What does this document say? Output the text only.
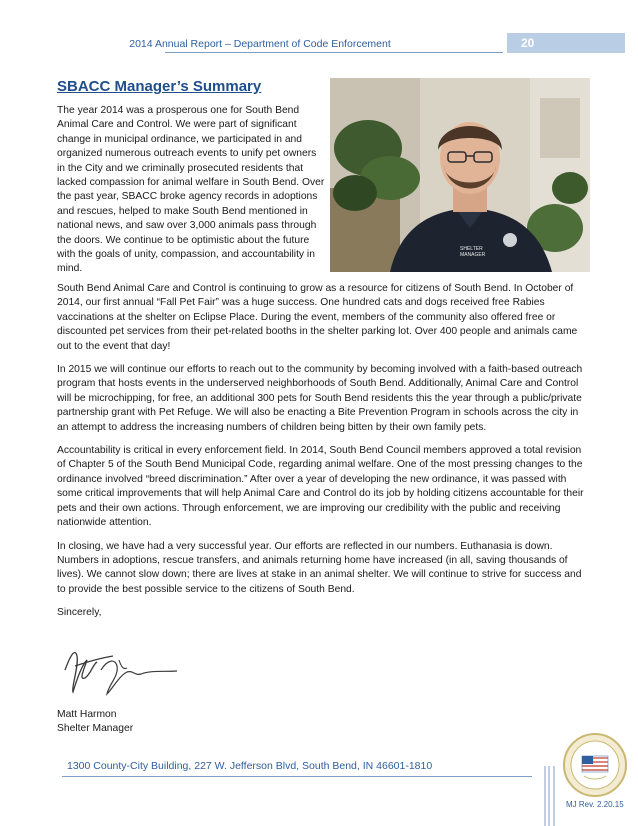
2014 Annual Report – Department of Code Enforcement	20
SBACC Manager’s Summary
The year 2014 was a prosperous one for South Bend Animal Care and Control. We were part of significant change in municipal ordinance, we participated in and organized numerous outreach events to unify pet owners in the City and we criminally prosecuted residents that lacked compassion for animal welfare in South Bend. Over the past year, SBACC broke agency records in adoptions and rescues, helped to make South Bend mentioned in national news, and saw over 3,000 animals pass through the doors. We continue to be optimistic about the future with the goals of unity, compassion, and accountability in mind.
SHELTER
MANAGER

South Bend Animal Care and Control is continuing to grow as a resource for citizens of South Bend. In October of 2014, our first annual “Fall Pet Fair” was a huge success. One hundred cats and dogs received free Rabies vaccinations at the shelter on Eclipse Place. During the event, members of the community also offered free or discounted pet services from their pet-related booths in the shelter parking lot. Over 400 people and animals came out to the event that day!

In 2015 we will continue our efforts to reach out to the community by becoming involved with a faith-based outreach program that hosts events in the underserved neighborhoods of South Bend. Additionally, Animal Care and Control will be microchipping, for free, an additional 300 pets for South Bend residents this the year through a public/private partnership grant with Pet Refuge. We will also be enacting a Bite Prevention Program in schools across the city in an attempt to address the increasing numbers of children being bitten by their own family pets.

Accountability is critical in every enforcement field. In 2014, South Bend Council members approved a total revision of Chapter 5 of the South Bend Municipal Code, regarding animal welfare. One of the most pressing changes to the ordinance involved “breed discrimination.” After over a year of developing the new ordinance, it was passed with some critical improvements that will help Animal Care and Control do its job by holding citizens accountable for their pets and their own actions. Through enforcement, we are improving our credibility with the public and receiving nationwide attention.

In closing, we have had a very successful year. Our efforts are reflected in our numbers. Euthanasia is down. Numbers in adoptions, rescue transfers, and animals returning home have increased (in all, saving thousands of lives). We cannot slow down; there are lives at stake in an animal shelter. We will continue to strive for success and to provide the best possible service to the citizens of South Bend.

Sincerely,

Matt Harmon
Shelter Manager
1300 County-City Building, 227 W. Jefferson Blvd, South Bend, IN 46601-1810
MJ Rev. 2.20.15
